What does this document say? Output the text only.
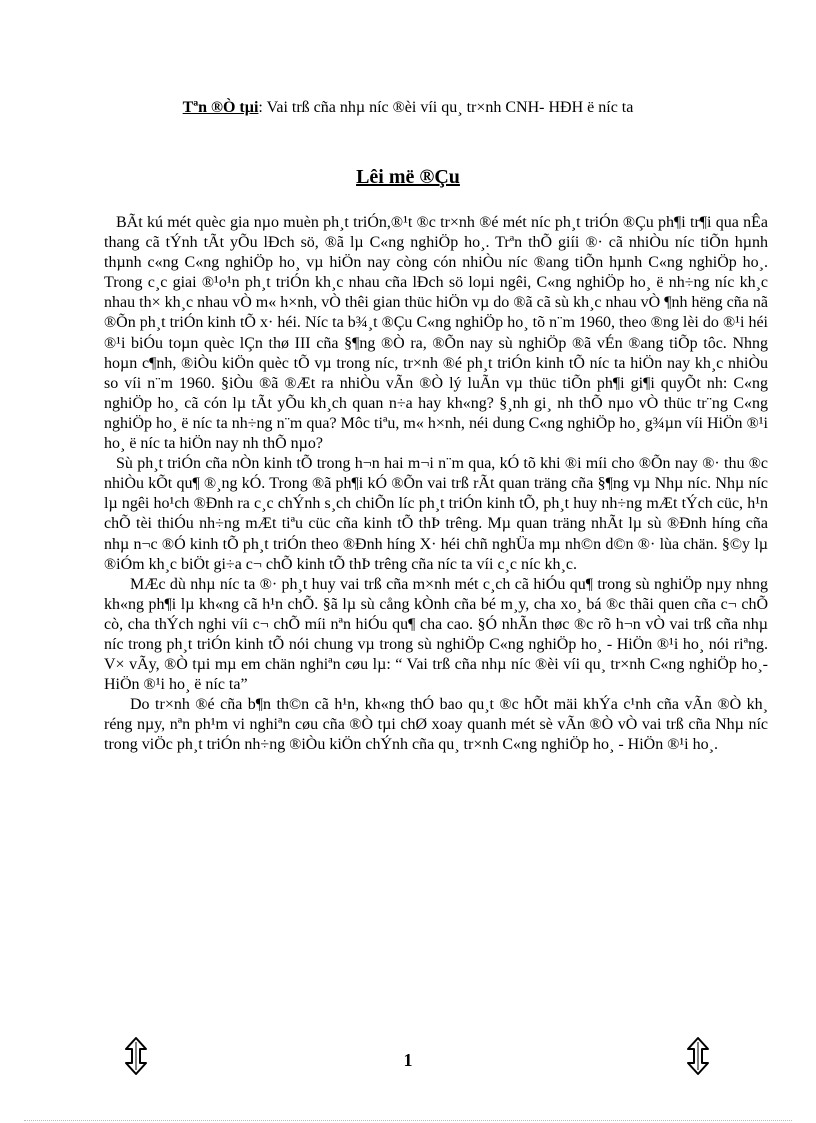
Tªn ®Ò tµi: Vai trß cña nhµ níc ®èi víi qu¸ tr×nh CNH- HÐH ë níc ta
Lêi më ®Çu

BÃt kú mét quèc gia nµo muèn ph¸t triÓn,®¹t ®c tr×nh ®é mét níc ph¸t triÓn ®Çu ph¶i tr¶i qua nÊa thang cã tÝnh tÃt yÕu lÐch sö, ®ã lµ C«ng nghiÖp ho¸. Trªn thÕ giíi ®· cã nhiÒu níc tiÕn hµnh thµnh c«ng C«ng nghiÖp ho¸ vµ hiÖn nay còng cón nhiÒu níc ®ang tiÕn hµnh C«ng nghiÖp ho¸. Trong c¸c giai ®¹o¹n ph¸t triÓn kh¸c nhau cña lÐch sö loµi ngêi, C«ng nghiÖp ho¸ ë nh÷ng níc kh¸c nhau th× kh¸c nhau vÒ m« h×nh, vÒ thêi gian thüc hiÖn vµ do ®ã cã sù kh¸c nhau vÒ ¶nh hëng cña nã ®Õn ph¸t triÓn kinh tÕ x· héi. Níc ta b¾¸t ®Çu C«ng nghiÖp ho¸ tõ n¨m 1960, theo ®ng lèi do ®¹i héi ®¹i biÓu toµn quèc lÇn thø III cña §¶ng ®Ò ra, ®Õn nay sù nghiÖp ®ã vÉn ®ang tiÕp tôc. Nhng hoµn c¶nh, ®iÒu kiÖn quèc tÕ vµ trong níc, tr×nh ®é ph¸t triÓn kinh tÕ níc ta hiÖn nay kh¸c nhiÒu so víi n¨m 1960. §iÒu ®ã ®Æt ra nhiÒu vÃn ®Ò lý luÃn vµ thüc tiÕn ph¶i gi¶i quyÕt nh: C«ng nghiÖp ho¸ cã cón lµ tÃt yÕu kh¸ch quan n÷a hay kh«ng? §¸nh gi¸ nh thÕ nµo vÒ thüc tr¨ng C«ng nghiÖp ho¸ ë níc ta nh÷ng n¨m qua? Môc tiªu, m« h×nh, néi dung C«ng nghiÖp ho¸ g¾µn víi HiÖn ®¹i ho¸ ë níc ta hiÖn nay nh thÕ nµo?

Sù ph¸t triÓn cña nÒn kinh tÕ trong h¬n hai m¬i n¨m qua, kÓ tõ khi ®i míi cho ®Õn nay ®· thu ®c nhiÒu kÕt qu¶ ®¸ng kÓ. Trong ®ã ph¶i kÓ ®Õn vai trß rÃt quan träng cña §¶ng vµ Nhµ níc. Nhµ níc lµ ngêi ho¹ch ®Ðnh ra c¸c chÝnh s¸ch chiÕn líc ph¸t triÓn kinh tÕ, ph¸t huy nh÷ng mÆt tÝch cüc, h¹n chÕ tèi thiÓu nh÷ng mÆt tiªu cüc cña kinh tÕ thÞ trêng. Mµ quan träng nhÃt lµ sù ®Ðnh híng cña nhµ n¬c ®Ó kinh tÕ ph¸t triÓn theo ®Ðnh híng X· héi chñ nghÜa mµ nh©n d©n ®· lùa chän. §©y lµ ®iÓm kh¸c biÖt gi÷a c¬ chÕ kinh tÕ thÞ trêng cña níc ta víi c¸c níc kh¸c.

MÆc dù nhµ níc ta ®· ph¸t huy vai trß cña m×nh mét c¸ch cã hiÓu qu¶ trong sù nghiÖp nµy nhng kh«ng ph¶i lµ kh«ng cã h¹n chÕ. §ã lµ sù cång kÒnh cña bé m¸y, cha xo¸ bá ®c thãi quen cña c¬ chÕ cò, cha thÝch nghi víi c¬ chÕ míi nªn hiÓu qu¶ cha cao. §Ó nhÃn thøc ®c rõ h¬n vÒ vai trß cña nhµ níc trong ph¸t triÓn kinh tÕ nói chung vµ trong sù nghiÖp C«ng nghiÖp ho¸ - HiÖn ®¹i ho¸ nói riªng. V× vÃy, ®Ò tµi mµ em chän nghiªn cøu lµ: “ Vai trß cña nhµ níc ®èi víi qu¸ tr×nh C«ng nghiÖp ho¸- HiÖn ®¹i ho¸ ë níc ta”

Do tr×nh ®é cña b¶n th©n cã h¹n, kh«ng thÓ bao qu¸t ®c hÕt mäi khÝa c¹nh cña vÃn ®Ò kh¸ réng nµy, nªn ph¹m vi nghiªn cøu cña ®Ò tµi chØ xoay quanh mét sè vÃn ®Ò vÒ vai trß cña Nhµ níc trong viÖc ph¸t triÓn nh÷ng ®iÒu kiÖn chÝnh cña qu¸ tr×nh C«ng nghiÖp ho¸ - HiÖn ®¹i ho¸.

1
